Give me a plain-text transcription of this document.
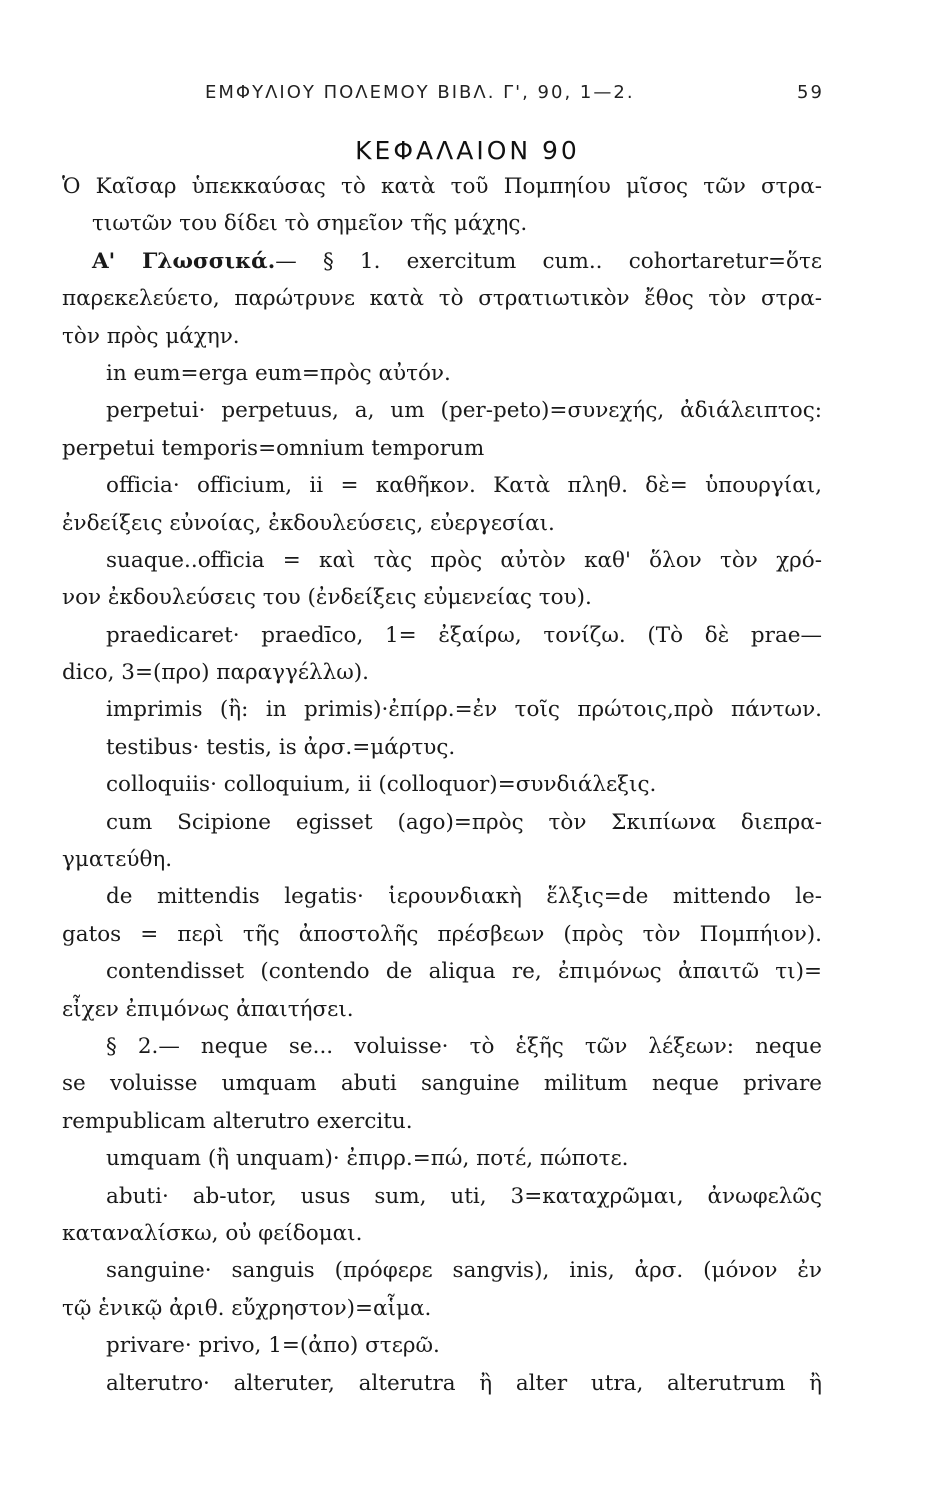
ΕΜΦΥΛΙΟΥ ΠΟΛΕΜΟΥ ΒΙΒΛ. Γ', 90, 1—2.	59
ΚΕΦΑΛΑΙΟΝ 90
Ὁ Καῖσαρ ὑπεκκαύσας τὸ κατὰ τοῦ Πομπηίου μῖσος τῶν στρα-
τιωτῶν του δίδει τὸ σημεῖον τῆς μάχης.
Α' Γλωσσικά.— § 1. exercitum cum.. cohortaretur=ὅτε
παρεκελεύετο, παρώτρυνε κατὰ τὸ στρατιωτικὸν ἔθος τὸν στρα-
τὸν πρὸς μάχην.
in eum=erga eum=πρὸς αὐτόν.
perpetui· perpetuus, a, um (per-peto)=συνεχής, ἀδιάλειπτος:
perpetui temporis=omnium temporum
officia· officium, ii = καθῆκον. Κατὰ πληθ. δὲ= ὑπουργίαι,
ἐνδείξεις εὐνοίας, ἐκδουλεύσεις, εὐεργεσίαι.
suaque..officia = καὶ τὰς πρὸς αὐτὸν καθ' ὅλον τὸν χρό-
νον ἐκδουλεύσεις του (ἐνδείξεις εὐμενείας του).
praedicaret· praedīco, 1= ἐξαίρω, τονίζω. (Τὸ δὲ prae—
dico, 3=(προ) παραγγέλλω).
imprimis (ἢ: in primis)·ἐπίρρ.=ἐν τοῖς πρώτοις,πρὸ πάντων.
testibus· testis, is ἀρσ.=μάρτυς.
colloquiis· colloquium, ii (colloquor)=συνδιάλεξις.
cum Scipione egisset (ago)=πρὸς τὸν Σκιπίωνα διεπρα-
γματεύθη.
de mittendis legatis· ἱερουνδιακὴ ἕλξις=de mittendo le-
gatos = περὶ τῆς ἀποστολῆς πρέσβεων (πρὸς τὸν Πομπήιον).
contendisset (contendo de aliqua re, ἐπιμόνως ἀπαιτῶ τι)=
εἶχεν ἐπιμόνως ἀπαιτήσει.
§ 2.— neque se... voluisse· τὸ ἑξῆς τῶν λέξεων: neque
se voluisse umquam abuti sanguine militum neque privare
rempublicam alterutro exercitu.
umquam (ἢ unquam)· ἐπιρρ.=πώ, ποτέ, πώποτε.
abuti· ab-utor, usus sum, uti, 3=καταχρῶμαι, ἀνωφελῶς
καταναλίσκω, οὐ φείδομαι.
sanguine· sanguis (πρόφερε sangvis), inis, ἀρσ. (μόνον ἐν
τῷ ἑνικῷ ἀριθ. εὔχρηστον)=αἷμα.
privare· privo, 1=(ἀπο) στερῶ.
alterutro· alteruter, alterutra ἢ alter utra, alterutrum ἢ
